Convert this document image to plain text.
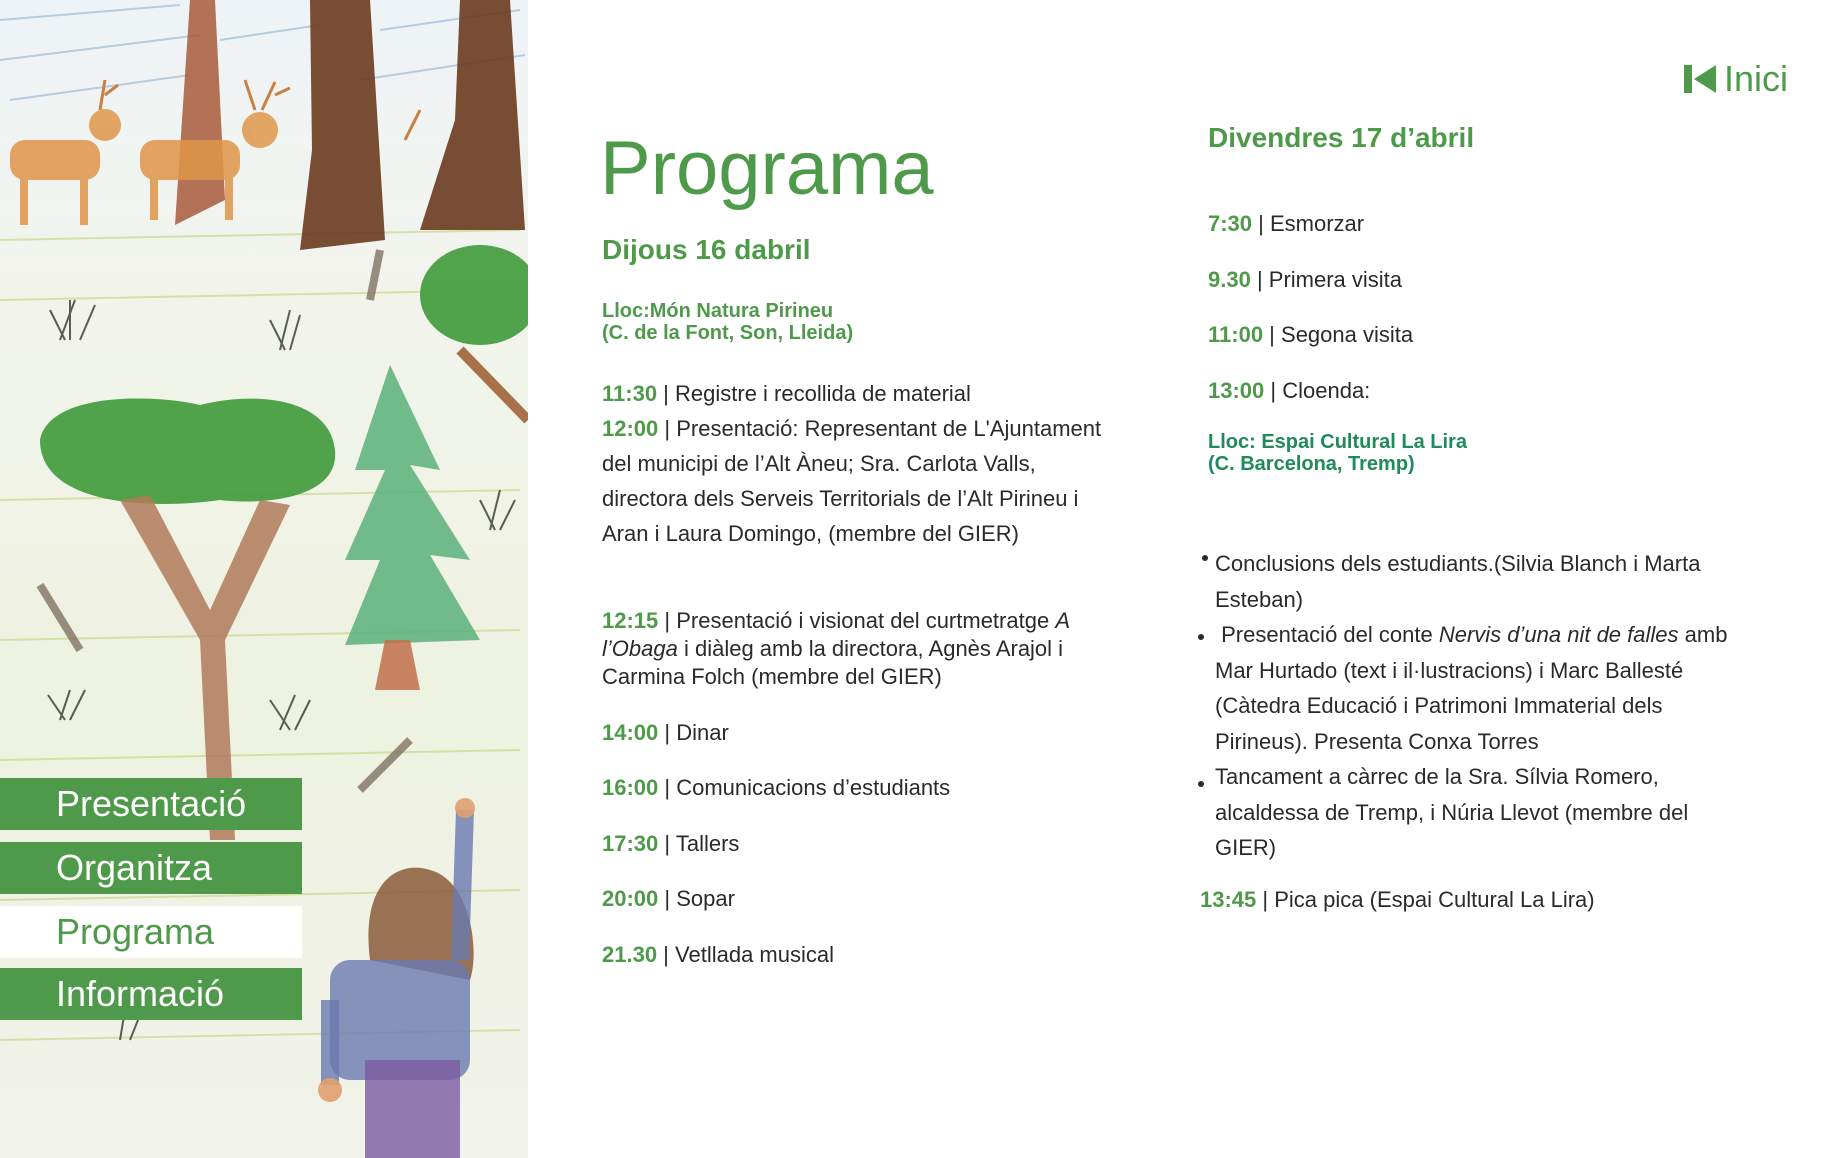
Presentació
Organitza
Programa
Informació
Inici
Programa
Dijous 16 dabril
Lloc:Món Natura Pirineu
(C. de la Font, Son, Lleida)
11:30 | Registre i recollida de material
12:00 | Presentació: Representant de L'Ajuntament del municipi de l’Alt Àneu; Sra. Carlota Valls, directora dels Serveis Territorials de l’Alt Pirineu i Aran i Laura Domingo, (membre del GIER)
12:15 | Presentació i visionat del curtmetratge A l’Obaga i diàleg amb la directora, Agnès Arajol i Carmina Folch (membre del GIER)
14:00 | Dinar
16:00 | Comunicacions d’estudiants
17:30 | Tallers
20:00 | Sopar
21.30 | Vetllada musical
Divendres 17 d’abril
7:30 | Esmorzar
9.30 | Primera visita
11:00 | Segona visita
13:00 | Cloenda:
Lloc: Espai Cultural La Lira
(C. Barcelona, Tremp)
Conclusions dels estudiants.(Silvia Blanch i Marta Esteban)
Presentació del conte Nervis d’una nit de falles amb Mar Hurtado (text i il·lustracions) i Marc Ballesté (Càtedra Educació i Patrimoni Immaterial dels Pirineus). Presenta Conxa Torres
Tancament a càrrec de la Sra. Sílvia Romero, alcaldessa de Tremp, i Núria Llevot (membre del GIER)
13:45 | Pica pica (Espai Cultural La Lira)
